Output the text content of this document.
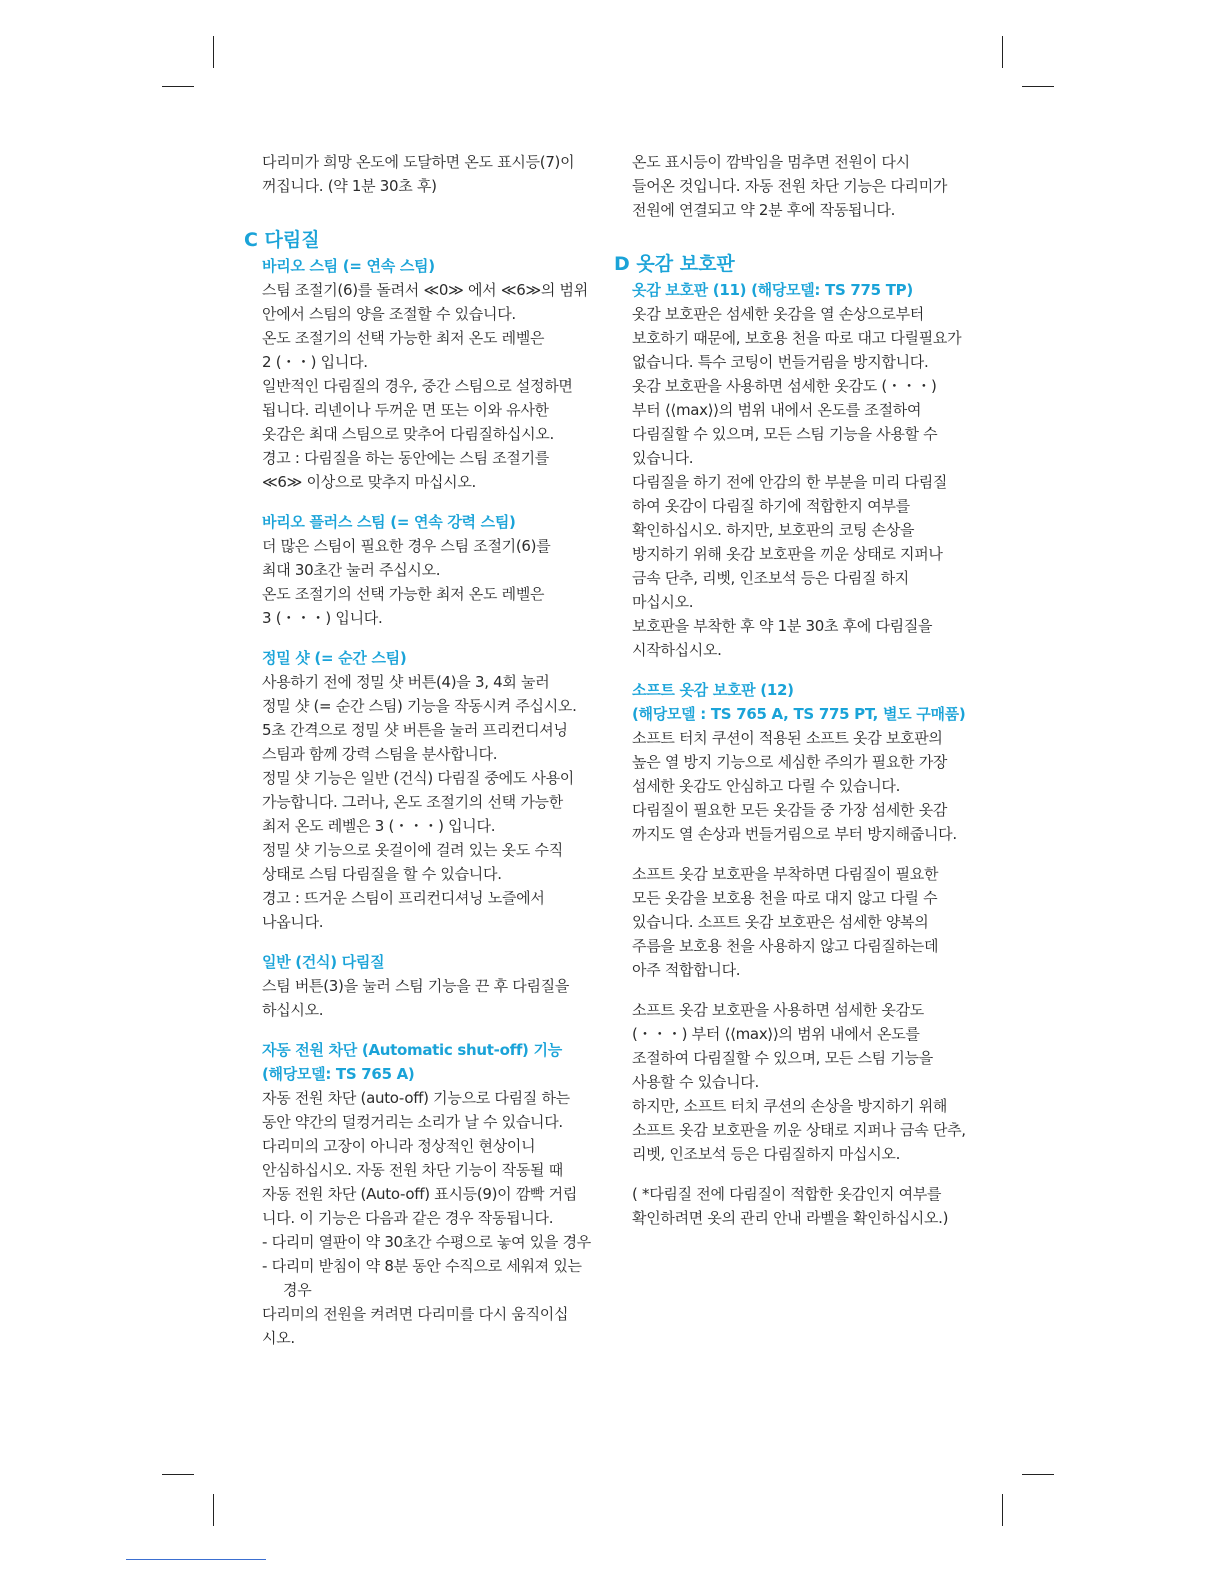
다리미가 희망 온도에 도달하면 온도 표시등(7)이

꺼집니다. (약 1분 30초 후)

C 다림질
바리오 스팀 (= 연속 스팀)

스팀 조절기(6)를 돌려서 ≪0≫ 에서 ≪6≫의 범위

안에서 스팀의 양을 조절할 수 있습니다.

온도 조절기의 선택 가능한 최저 온도 레벨은

2 (・・) 입니다.

일반적인 다림질의 경우, 중간 스팀으로 설정하면

됩니다. 리넨이나 두꺼운 면 또는 이와 유사한

옷감은 최대 스팀으로 맞추어 다림질하십시오.

경고 : 다림질을 하는 동안에는 스팀 조절기를

≪6≫ 이상으로 맞추지 마십시오.

바리오 플러스 스팀 (= 연속 강력 스팀)

더 많은 스팀이 필요한 경우 스팀 조절기(6)를

최대 30초간 눌러 주십시오.

온도 조절기의 선택 가능한 최저 온도 레벨은

3 (・・・) 입니다.

정밀 샷 (= 순간 스팀)

사용하기 전에 정밀 샷 버튼(4)을 3, 4회 눌러

정밀 샷 (= 순간 스팀) 기능을 작동시켜 주십시오.

5초 간격으로 정밀 샷 버튼을 눌러 프리컨디셔닝

스팀과 함께 강력 스팀을 분사합니다.

정밀 샷 기능은 일반 (건식) 다림질 중에도 사용이

가능합니다. 그러나, 온도 조절기의 선택 가능한

최저 온도 레벨은 3 (・・・) 입니다.

정밀 샷 기능으로 옷걸이에 걸려 있는 옷도 수직

상태로 스팀 다림질을 할 수 있습니다.

경고 : 뜨거운 스팀이 프리컨디셔닝 노즐에서

나옵니다.

일반 (건식) 다림질

스팀 버튼(3)을 눌러 스팀 기능을 끈 후 다림질을

하십시오.

자동 전원 차단 (Automatic shut-off) 기능
(해당모델: TS 765 A)

자동 전원 차단 (auto-off) 기능으로 다림질 하는

동안 약간의 덜컹거리는 소리가 날 수 있습니다.

다리미의 고장이 아니라 정상적인 현상이니

안심하십시오. 자동 전원 차단 기능이 작동될 때

자동 전원 차단 (Auto-off) 표시등(9)이 깜빡 거립

니다. 이 기능은 다음과 같은 경우 작동됩니다.

- 다리미 열판이 약 30초간 수평으로 놓여 있을 경우

- 다리미 받침이 약 8분 동안 수직으로 세워져 있는 경우

다리미의 전원을 켜려면 다리미를 다시 움직이십

시오.

온도 표시등이 깜박임을 멈추면 전원이 다시

들어온 것입니다. 자동 전원 차단 기능은 다리미가

전원에 연결되고 약 2분 후에 작동됩니다.

D 옷감 보호판
옷감 보호판 (11) (해당모델: TS 775 TP)

옷감 보호판은 섬세한 옷감을 열 손상으로부터

보호하기 때문에, 보호용 천을 따로 대고 다릴필요가

없습니다. 특수 코팅이 번들거림을 방지합니다.

옷감 보호판을 사용하면 섬세한 옷감도 (・・・)

부터 ⟨⟨max⟩⟩의 범위 내에서 온도를 조절하여

다림질할 수 있으며, 모든 스팀 기능을 사용할 수

있습니다.

다림질을 하기 전에 안감의 한 부분을 미리 다림질

하여 옷감이 다림질 하기에 적합한지 여부를

확인하십시오. 하지만, 보호판의 코팅 손상을

방지하기 위해 옷감 보호판을 끼운 상태로 지퍼나

금속 단추, 리벳, 인조보석 등은 다림질 하지

마십시오.

보호판을 부착한 후 약 1분 30초 후에 다림질을

시작하십시오.

소프트 옷감 보호판 (12)
(해당모델 : TS 765 A, TS 775 PT, 별도 구매품)

소프트 터치 쿠션이 적용된 소프트 옷감 보호판의

높은 열 방지 기능으로 세심한 주의가 필요한 가장

섬세한 옷감도 안심하고 다릴 수 있습니다.

다림질이 필요한 모든 옷감들 중 가장 섬세한 옷감

까지도 열 손상과 번들거림으로 부터 방지해줍니다.

소프트 옷감 보호판을 부착하면 다림질이 필요한

모든 옷감을 보호용 천을 따로 대지 않고 다릴 수

있습니다. 소프트 옷감 보호판은 섬세한 양복의

주름을 보호용 천을 사용하지 않고 다림질하는데

아주 적합합니다.

소프트 옷감 보호판을 사용하면 섬세한 옷감도

(・・・) 부터 ⟨⟨max⟩⟩의 범위 내에서 온도를

조절하여 다림질할 수 있으며, 모든 스팀 기능을

사용할 수 있습니다.

하지만, 소프트 터치 쿠션의 손상을 방지하기 위해

소프트 옷감 보호판을 끼운 상태로 지퍼나 금속 단추,

리벳, 인조보석 등은 다림질하지 마십시오.

( *다림질 전에 다림질이 적합한 옷감인지 여부를

확인하려면 옷의 관리 안내 라벨을 확인하십시오.)
